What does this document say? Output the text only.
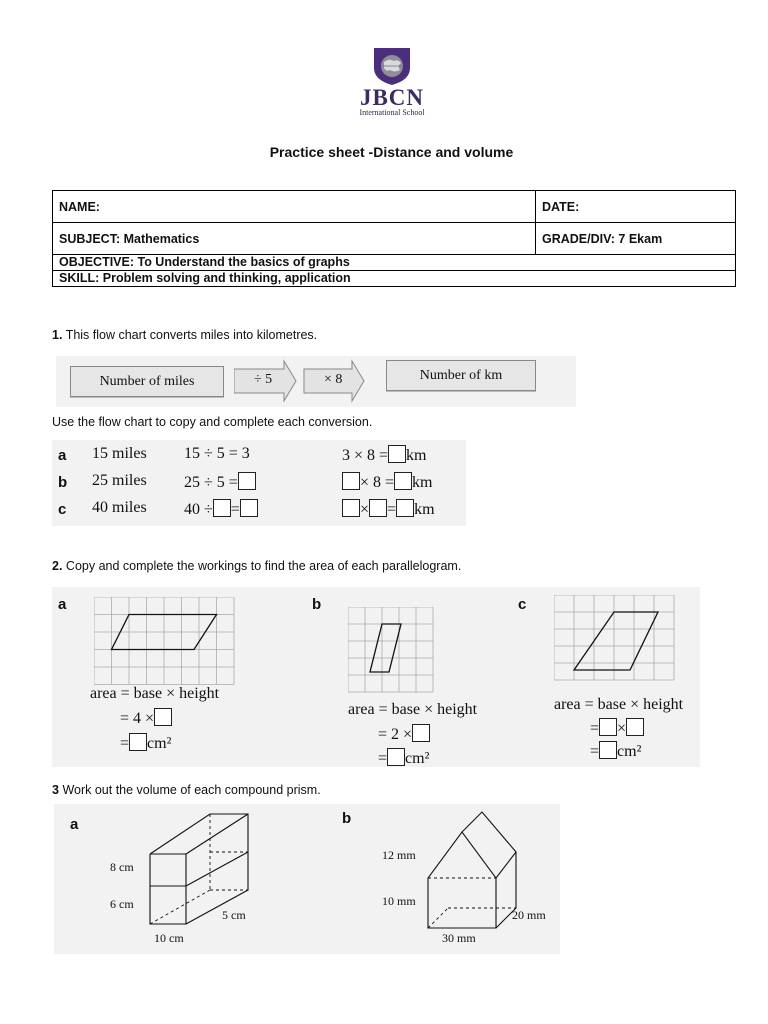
JBCN
International School
Practice sheet -Distance and volume
NAME:	DATE:
SUBJECT: Mathematics	GRADE/DIV: 7 Ekam
OBJECTIVE: To Understand the basics of graphs	
SKILL: Problem solving and thinking, application	
1. This flow chart converts miles into kilometres.
Number of miles	÷ 5	× 8	Number of km
Use the flow chart to copy and complete each conversion.
a 15 miles 15 ÷ 5 = 3	3 × 8 = km
b 25 miles 25 ÷ 5 =	× 8 = km
c 40 miles 40 ÷ =	× = km
2. Copy and complete the workings to find the area of each parallelogram.
a
area = base × height
= 4 ×
= cm²
b
area = base × height
= 2 ×
= cm²
c
area = base × height
= ×
= cm²
3 Work out the volume of each compound prism.
a
8 cm
6 cm
5 cm
10 cm
b
12 mm
10 mm
20 mm
30 mm
